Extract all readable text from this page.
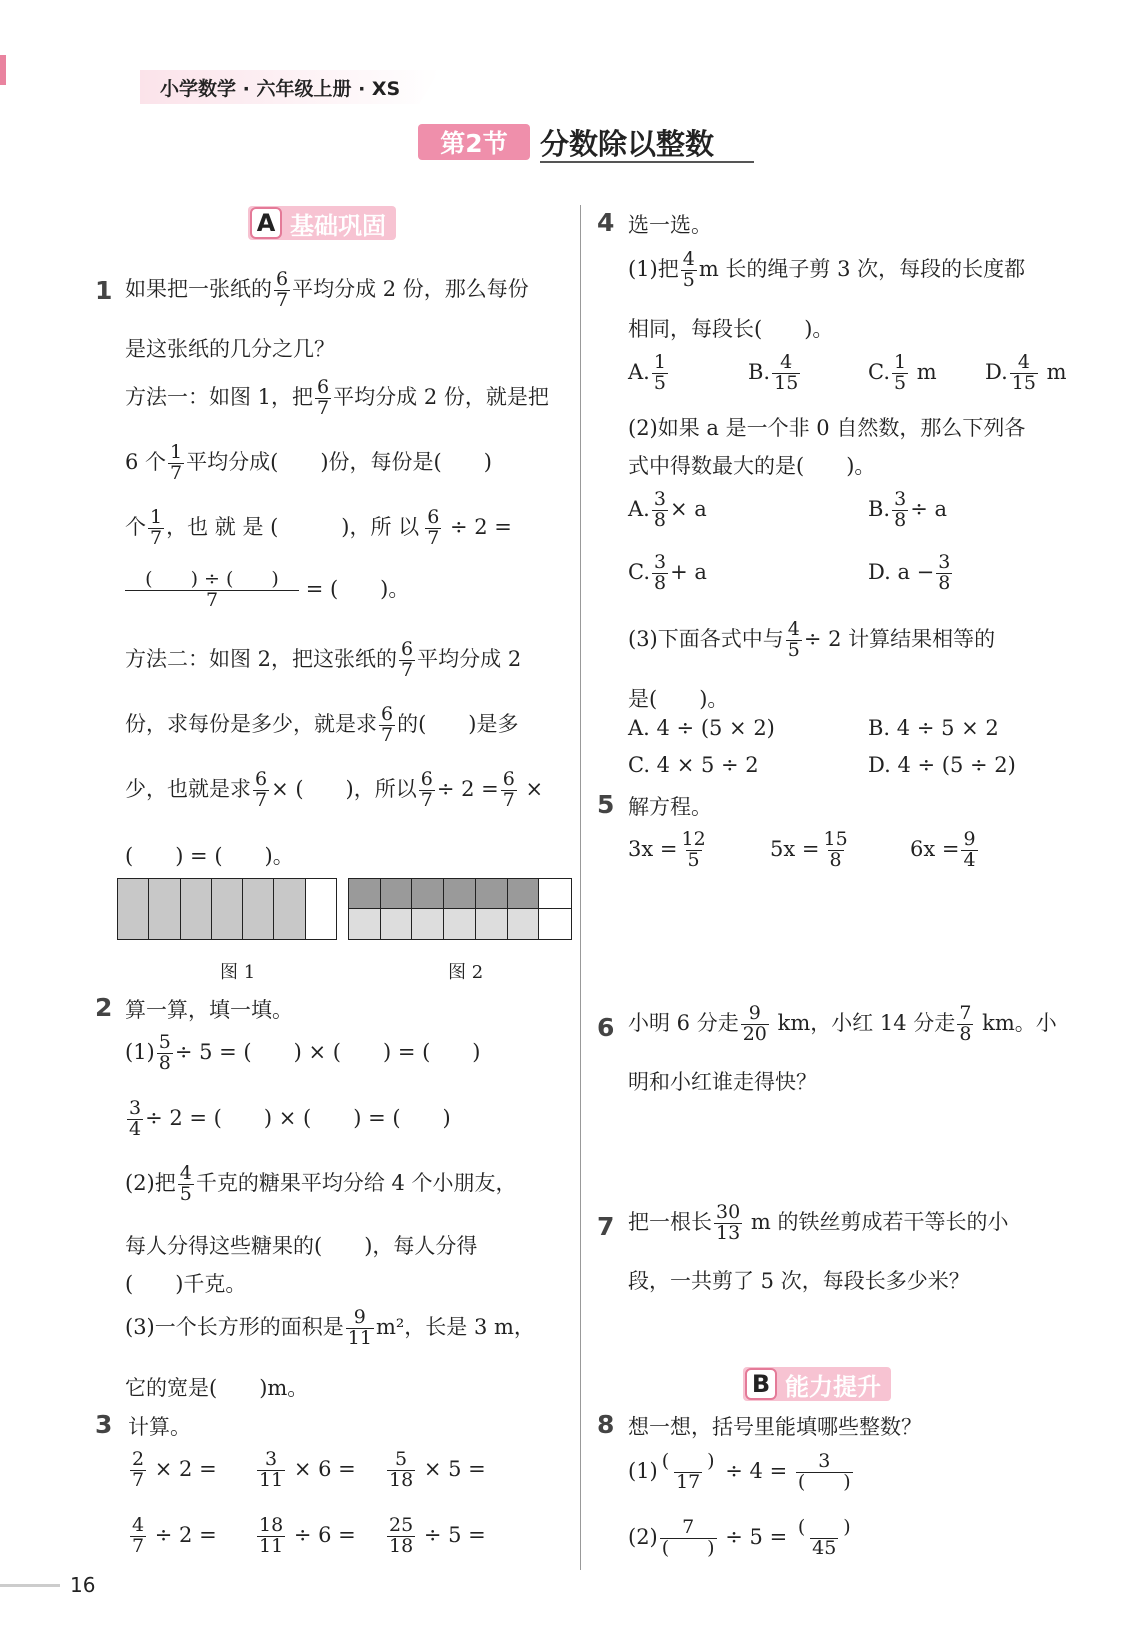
小学数学 · 六年级上册 · XS
第2节	分数除以整数
A 基础巩固
1 如果把一张纸的 $\frac{6}{7}$ 平均分成 2 份，那么每份
是这张纸的几分之几？
方法一：如图 1，把 $\frac{6}{7}$ 平均分成 2 份，就是把
6 个 $\frac{1}{7}$ 平均分成(　　)份，每份是(　　)
个 $\frac{1}{7}$ ，也 就 是 (　　　)，所 以 $\frac{6}{7} \div 2$ =
$\frac{( ) \div ( )}{7}$ = (　　)。
方法二：如图 2，把这张纸的 $\frac{6}{7}$ 平均分成 2
份，求每份是多少，就是求 $\frac{6}{7}$ 的(　　)是多
少，也就是求 $\frac{6}{7}$ × (　　)，所以 $\frac{6}{7} \div 2 = \frac{6}{7}$ ×
(　　) = (　　)。
图 1	图 2
2 算一算，填一填。
$(1) \frac{5}{8} \div 5$ = (　　) × (　　) = (　　)
$\frac{3}{4} \div 2$ = (　　) × (　　) = (　　)
(2)把 $\frac{4}{5}$ 千克的糖果平均分给 4 个小朋友，
每人分得这些糖果的(　　)，每人分得
(　　)千克。
(3)一个长方形的面积是 $\frac{9}{11} m^2$，长是 3 m，
它的宽是(　　)m。
3 计算。
$\frac{2}{7} \times 2 = \frac{3}{11} \times 6 = \frac{5}{18} \times 5$ =
$\frac{4}{7} \div 2 = \frac{18}{11} \div 6 = \frac{25}{18} \div 5$ =
4 选一选。
(1)把 $\frac{4}{5}$ m 长的绳子剪 3 次，每段的长度都
相同，每段长(　　)。
A. $\frac{1}{5}$	B. $\frac{4}{15}$	C. $\frac{1}{5}$ m D. $\frac{4}{15}$ m
(2)如果 a 是一个非 0 自然数，那么下列各
式中得数最大的是(　　)。
A. $\frac{3}{8} \times a$	B. $\frac{3}{8} \div a$
C. $\frac{3}{8} + a$	D. $a - \frac{3}{8}$
(3)下面各式中与 $\frac{4}{5} \div 2$ 计算结果相等的
是(　　)。
A. 4 ÷ (5 × 2)	B. 4 ÷ 5 × 2
C. 4 × 5 ÷ 2	D. 4 ÷ (5 ÷ 2)
5 解方程。
$3x = \frac{12}{5}$	$5x = \frac{15}{8}$	$6x = \frac{9}{4}$
6 小明 6 分走 $\frac{9}{20}$ km，小红 14 分走 $\frac{7}{8}$ km。小
明和小红谁走得快？
7 把一根长 $\frac{30}{13}$ m 的铁丝剪成若干等长的小
段，一共剪了 5 次，每段长多少米？
B 能力提升
8 想一想，括号里能填哪些整数？
$(1) \frac{( )}{17} \div 4 = \frac{3}{( )}$
$(2) \frac{7}{( )} \div 5 = \frac{( )}{45}$
16
